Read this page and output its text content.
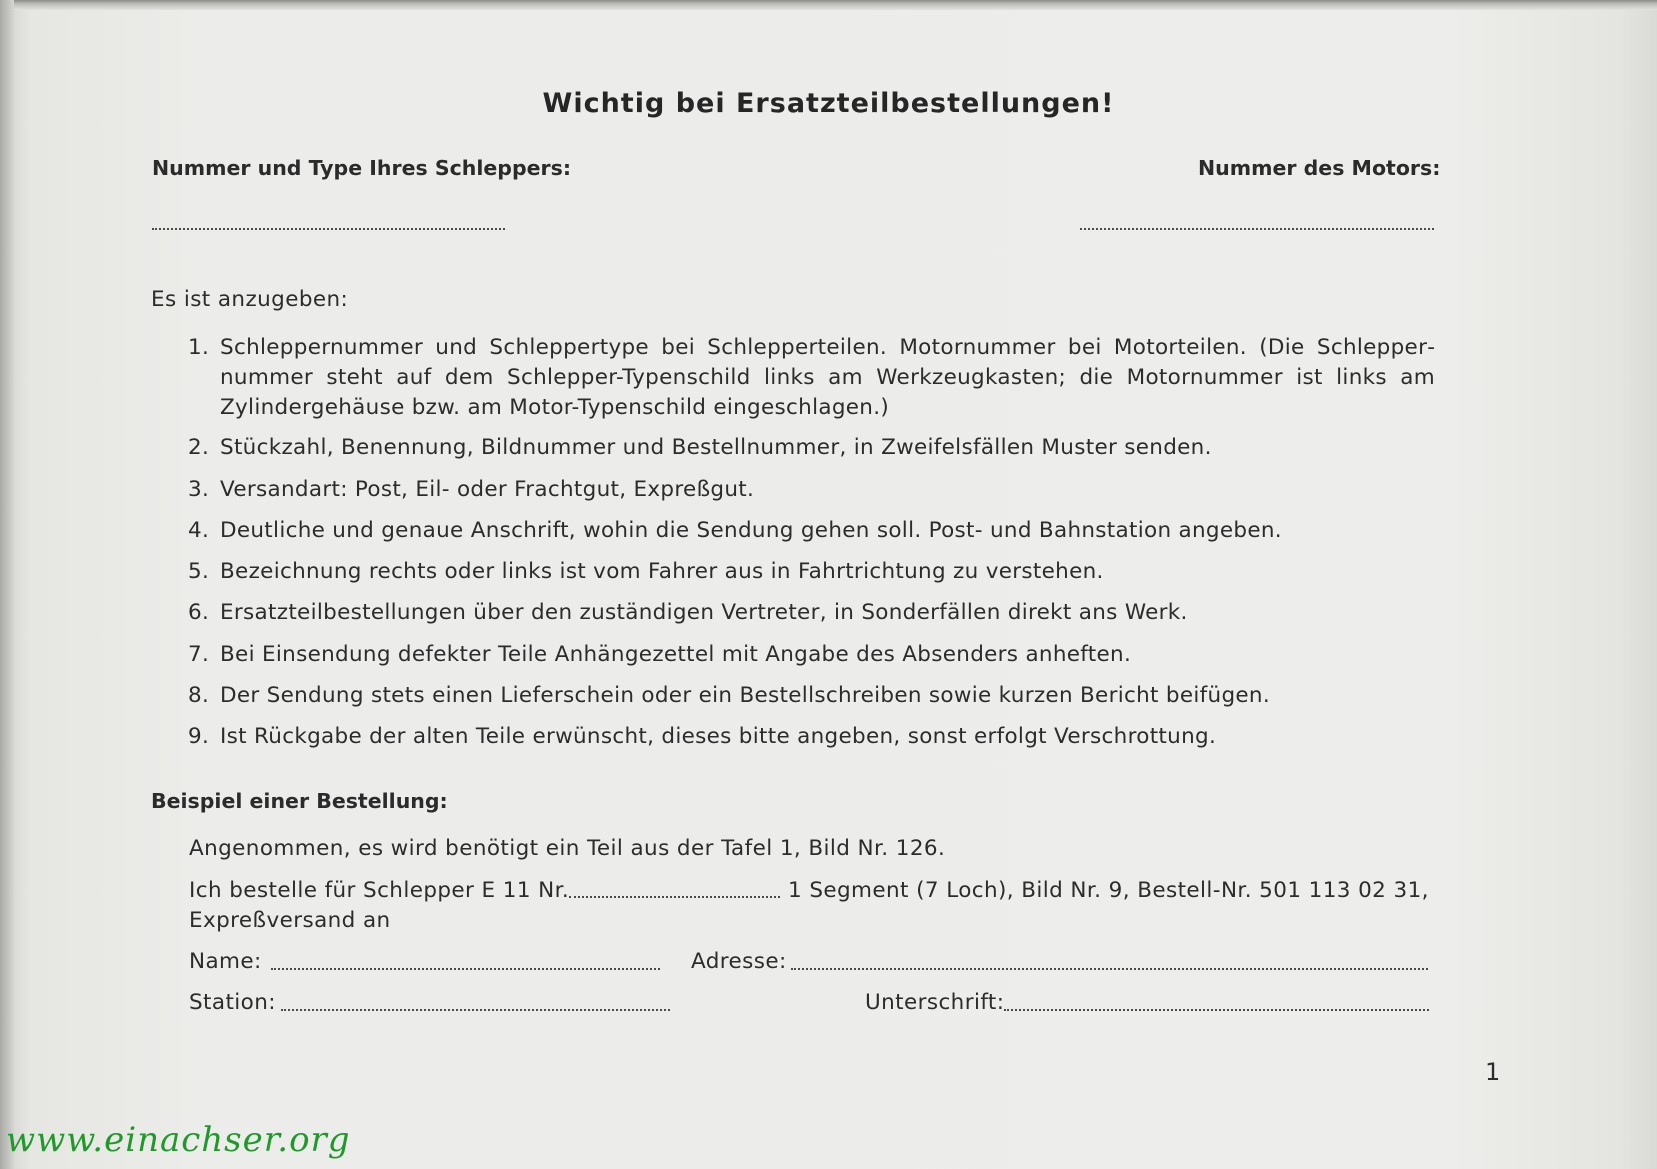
Wichtig bei Ersatzteilbestellungen!
Nummer und Type Ihres Schleppers:	Nummer des Motors:
Es ist anzugeben:
1. Schleppernummer und Schleppertype bei Schlepperteilen. Motornummer bei Motorteilen. (Die Schleppernummer steht auf dem Schlepper-Typenschild links am Werkzeugkasten; die Motornummer ist links am Zylindergehäuse bzw. am Motor-Typenschild eingeschlagen.)
2. Stückzahl, Benennung, Bildnummer und Bestellnummer, in Zweifelsfällen Muster senden.
3. Versandart: Post, Eil- oder Frachtgut, Expreßgut.
4. Deutliche und genaue Anschrift, wohin die Sendung gehen soll. Post- und Bahnstation angeben.
5. Bezeichnung rechts oder links ist vom Fahrer aus in Fahrtrichtung zu verstehen.
6. Ersatzteilbestellungen über den zuständigen Vertreter, in Sonderfällen direkt ans Werk.
7. Bei Einsendung defekter Teile Anhängezettel mit Angabe des Absenders anheften.
8. Der Sendung stets einen Lieferschein oder ein Bestellschreiben sowie kurzen Bericht beifügen.
9. Ist Rückgabe der alten Teile erwünscht, dieses bitte angeben, sonst erfolgt Verschrottung.
Beispiel einer Bestellung:
Angenommen, es wird benötigt ein Teil aus der Tafel 1, Bild Nr. 126.
Ich bestelle für Schlepper E 11 Nr.	1 Segment (7 Loch), Bild Nr. 9, Bestell-Nr. 501 113 02 31,
Expreßversand an
Name:	Adresse:
Station:	Unterschrift:
1
www.einachser.org
